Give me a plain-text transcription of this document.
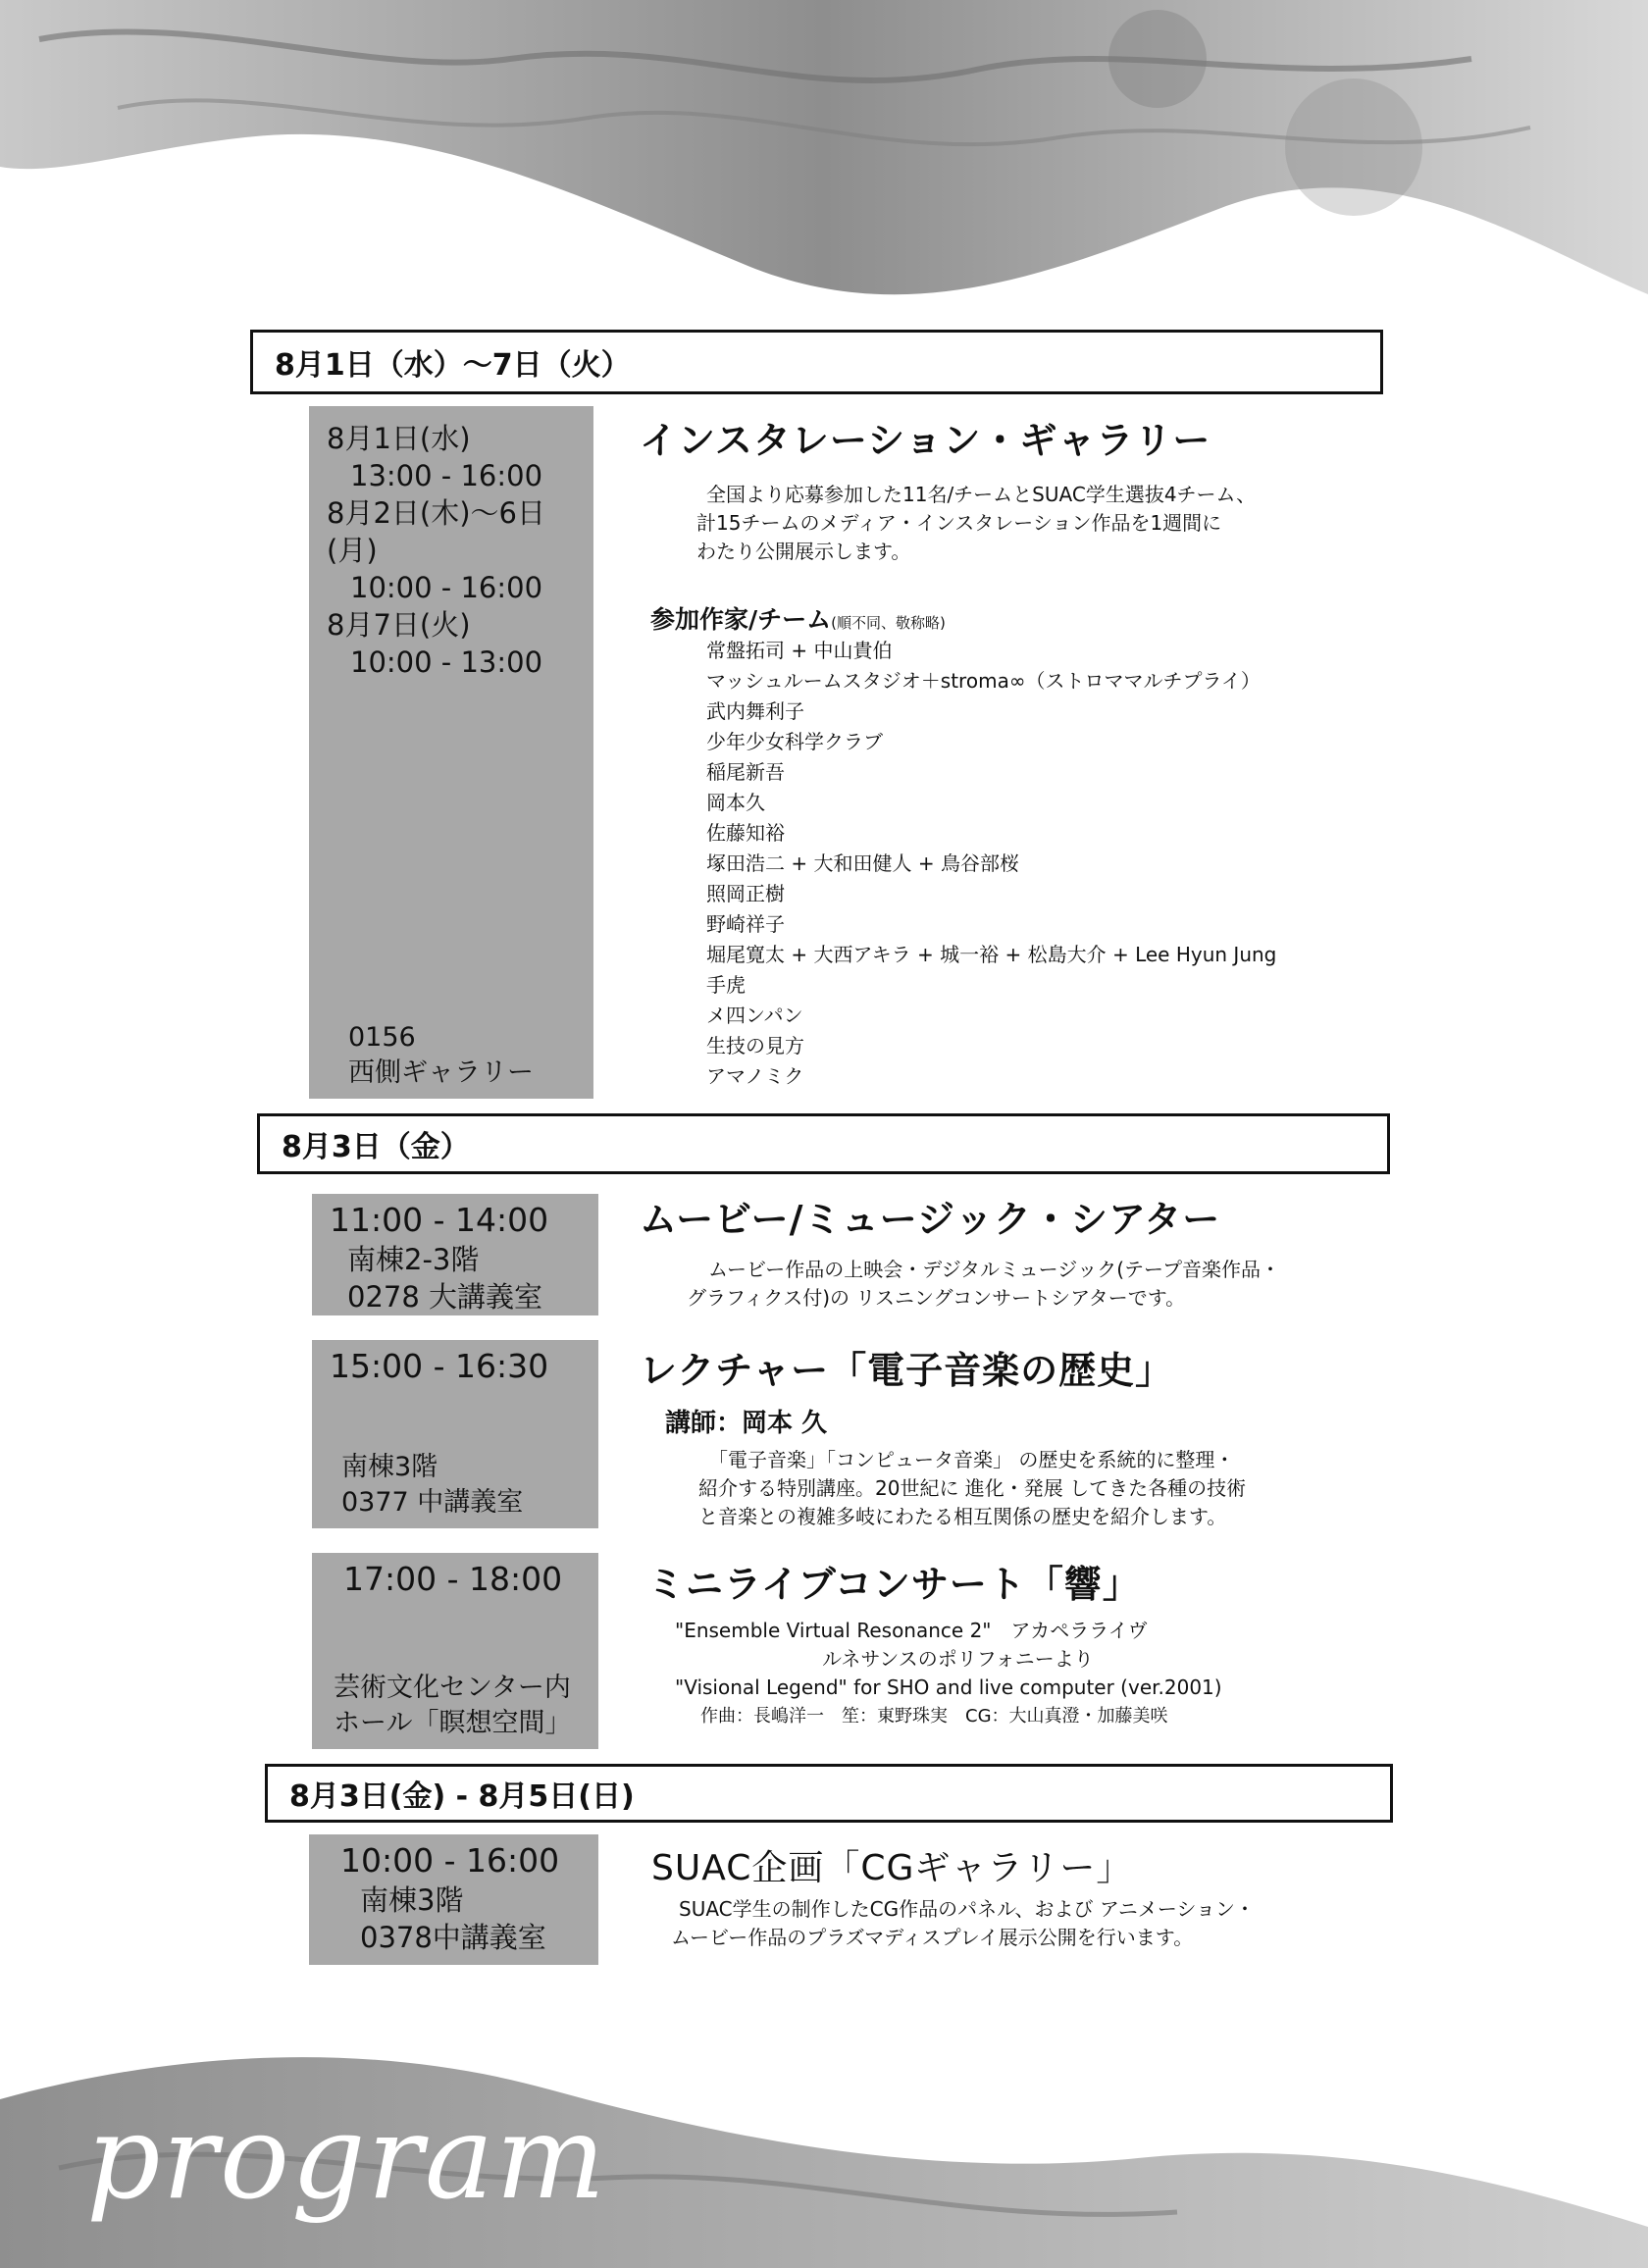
program
8月1日（水）〜7日（火）
8月1日(水)
13:00 - 16:00
8月2日(木)〜6日(月)
10:00 - 16:00
8月7日(火)
10:00 - 13:00
0156
西側ギャラリー
インスタレーション・ギャラリー
全国より応募参加した11名/チームとSUAC学生選抜4チーム、
計15チームのメディア・インスタレーション作品を1週間に
わたり公開展示します。
参加作家/チーム(順不同、敬称略)
常盤拓司 + 中山貴伯
マッシュルームスタジオ＋stroma∞（ストロママルチプライ）
武内舞利子
少年少女科学クラブ
稲尾新吾
岡本久
佐藤知裕
塚田浩二 + 大和田健人 + 鳥谷部桜
照岡正樹
野崎祥子
堀尾寛太 + 大西アキラ + 城一裕 + 松島大介 + Lee Hyun Jung
手虎
メ四ンパン
生技の見方
アマノミク
8月3日（金）
11:00 - 14:00
南棟2-3階
0278 大講義室
ムービー/ミュージック・シアター
ムービー作品の上映会・デジタルミュージック(テープ音楽作品・
グラフィクス付)の リスニングコンサートシアターです。
15:00 - 16:30
南棟3階
0377 中講義室
レクチャー「電子音楽の歴史」
講師：岡本 久
「電子音楽」「コンピュータ音楽」 の歴史を系統的に整理・
紹介する特別講座。20世紀に 進化・発展 してきた各種の技術
と音楽との複雑多岐にわたる相互関係の歴史を紹介します。
17:00 - 18:00
芸術文化センター内
ホール「瞑想空間」
ミニライブコンサート「響」
"Ensemble Virtual Resonance 2"　アカペラライヴ
ルネサンスのポリフォニーより
"Visional Legend" for SHO and live computer (ver.2001)
作曲：長嶋洋一　笙：東野珠実　CG：大山真澄・加藤美咲
8月3日(金) - 8月5日(日)
10:00 - 16:00
南棟3階
0378中講義室
SUAC企画「CGギャラリー」
SUAC学生の制作したCG作品のパネル、および アニメーション・
ムービー作品のプラズマディスプレイ展示公開を行います。
